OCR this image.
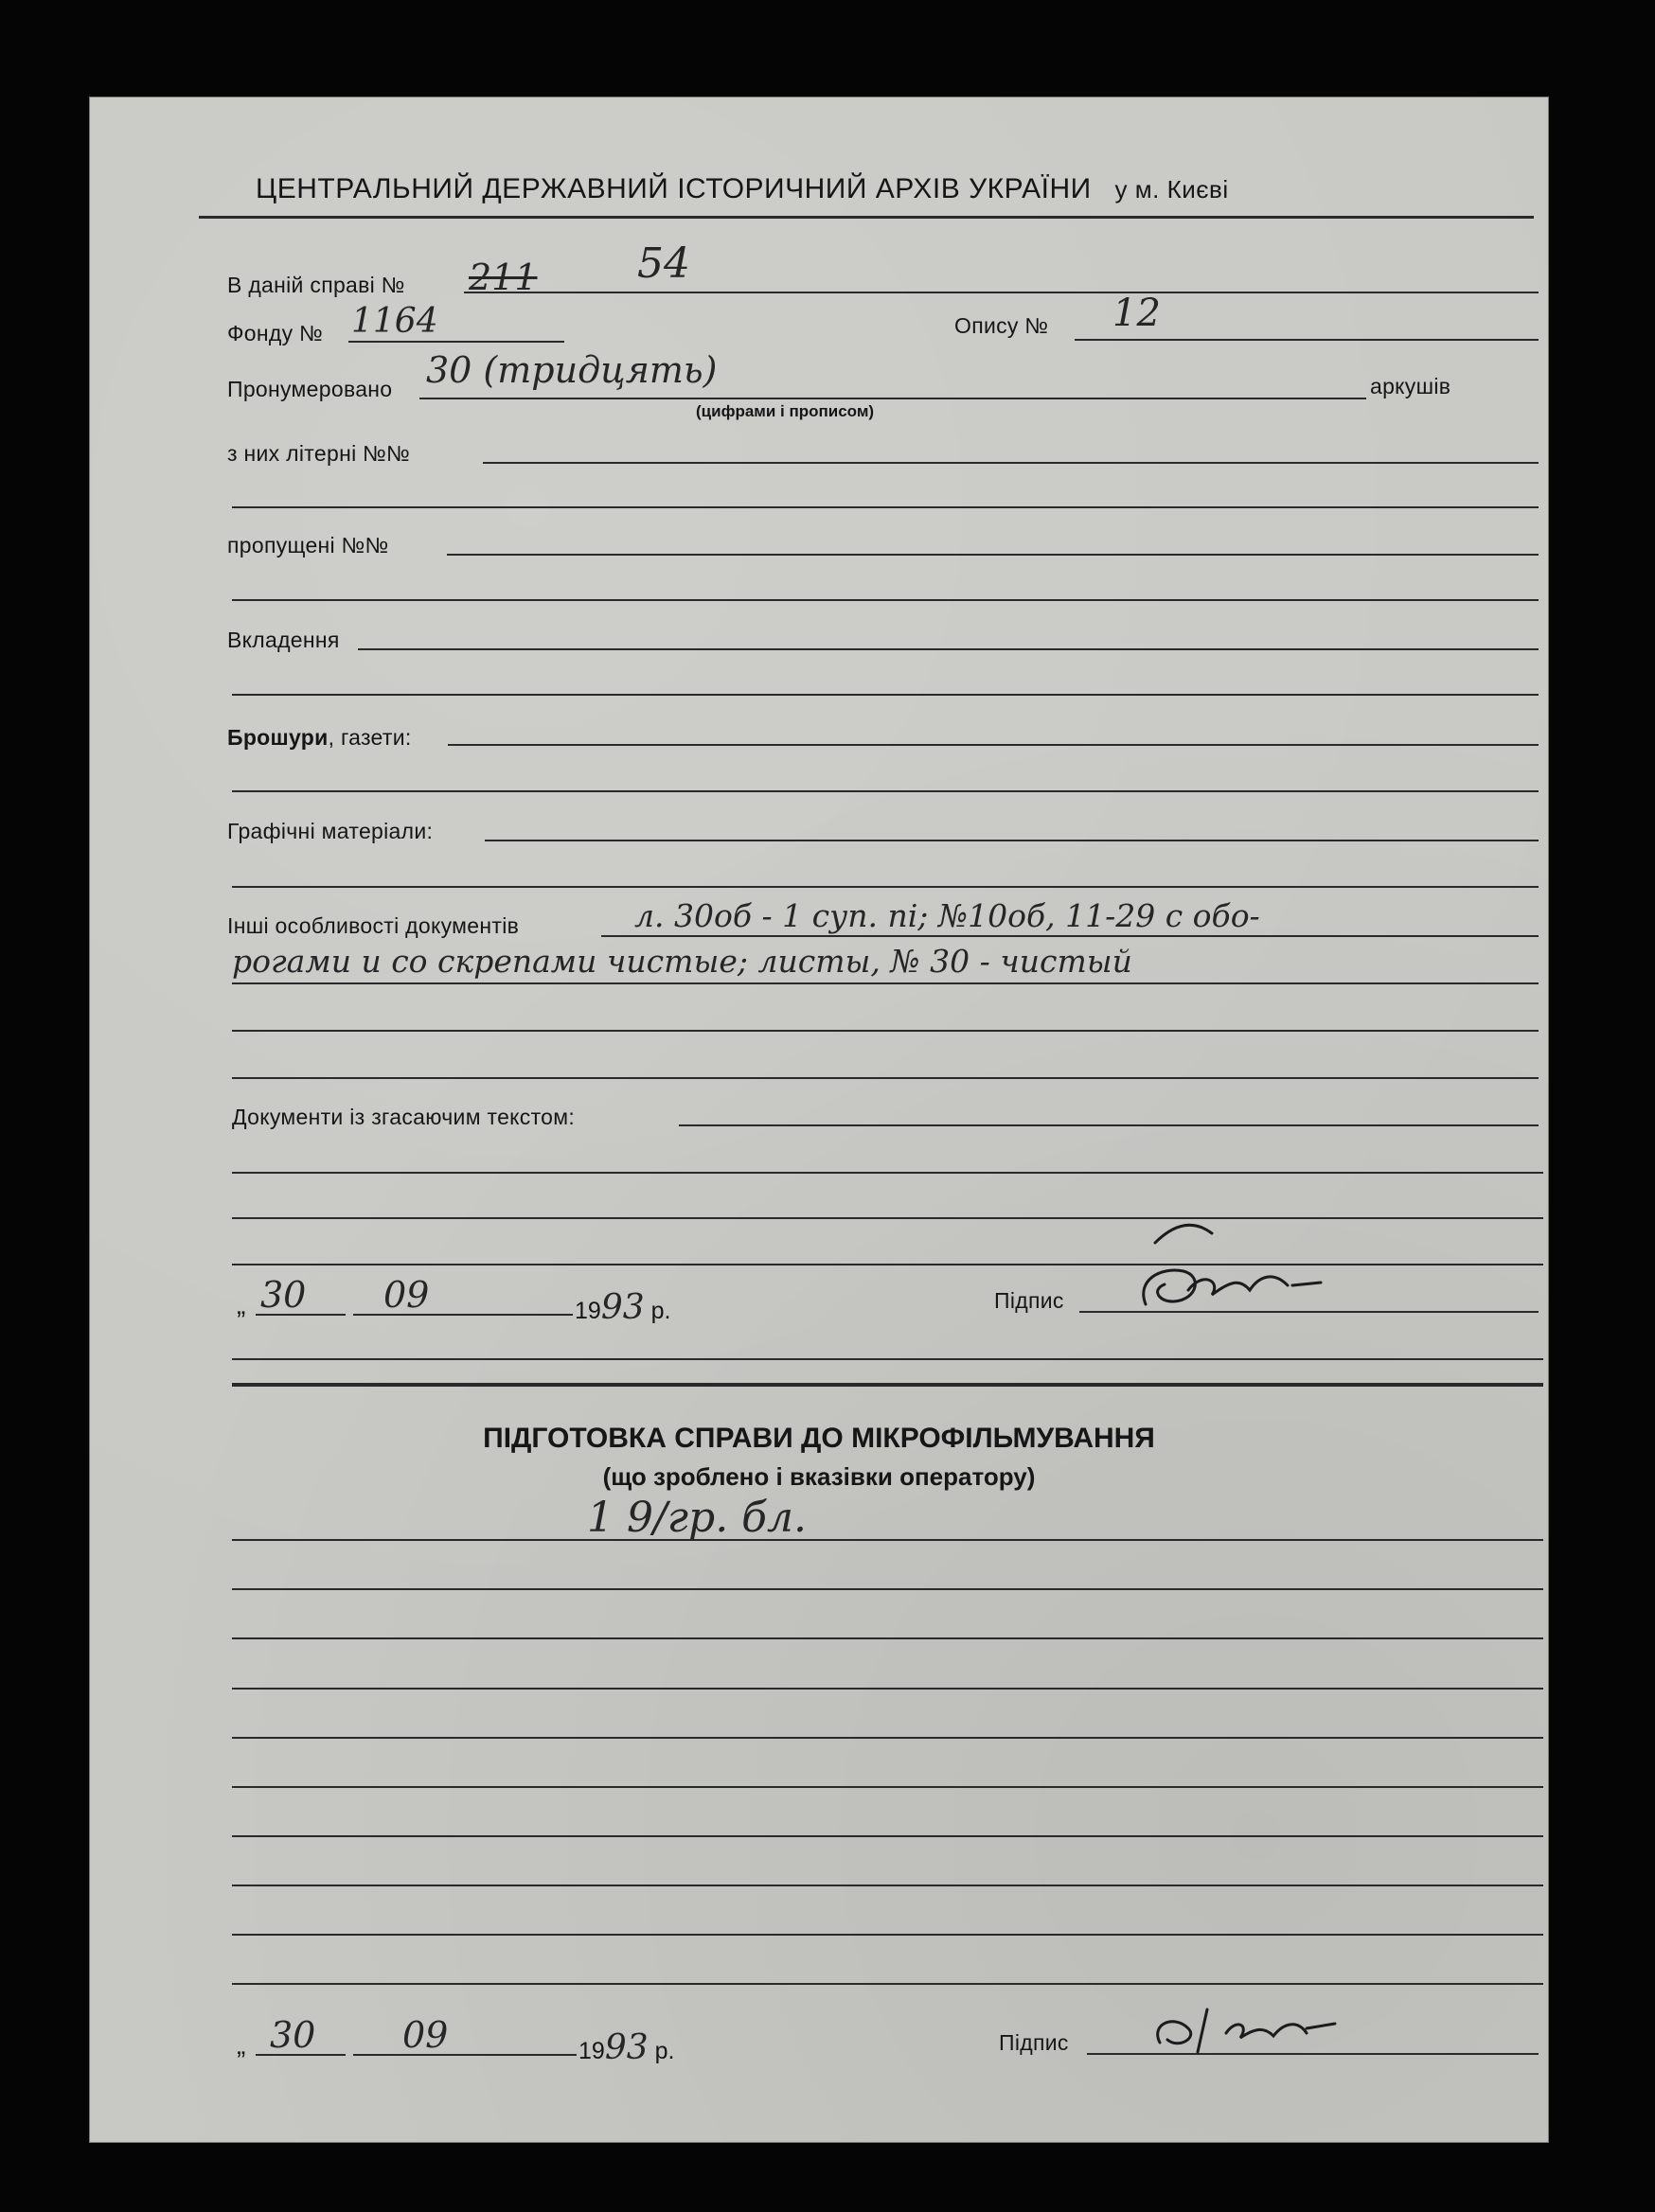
ЦЕНТРАЛЬНИЙ ДЕРЖАВНИЙ ІСТОРИЧНИЙ АРХІВ УКРАЇНИ у м. Києві
В даній справі № 211 54
Фонду № 1164	Опису № 12
Пронумеровано 30 (тридцять)
(цифрами і прописом)
аркушів
з них літерні №№
пропущені №№
Вкладення
Брошури, газети:
Графічні матеріали:
Інші особливості документів	л. 30об - 1 суп. пі; №10об, 11-29 с обо-
рогами и со скрепами чистые; листы, № 30 - чистый
Документи із згасаючим текстом:
„ 30 09	1993 р.	Підпис
ПІДГОТОВКА СПРАВИ ДО МІКРОФІЛЬМУВАННЯ
(що зроблено і вказівки оператору)
1 9/гр. бл.
„ 30 09	1993 р.	Підпис
